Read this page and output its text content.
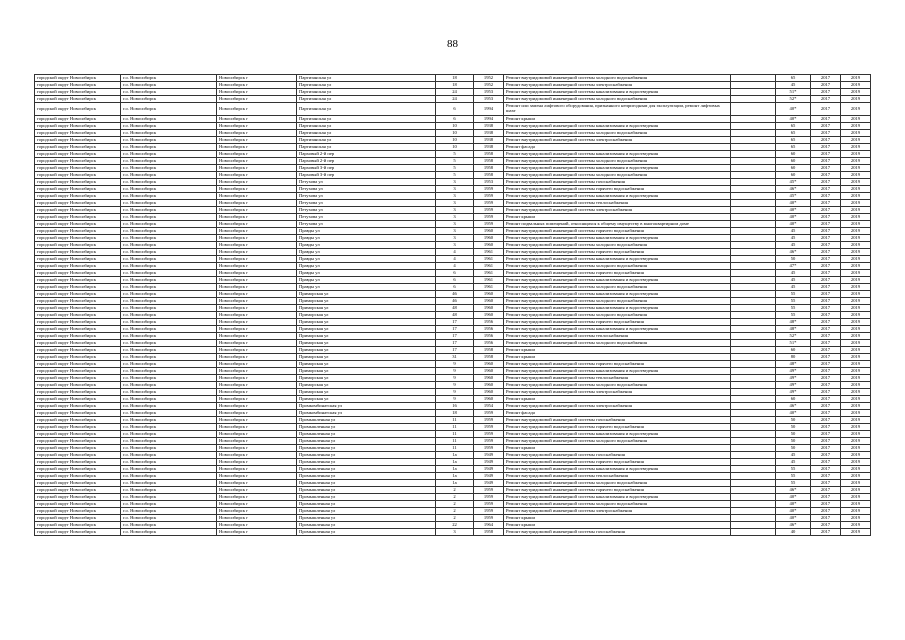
88
городской округ Новосибирск	г.о. Новосибирск	Новосибирск г	Партизанская ул	18	1952	Ремонт внутридомовой инженерной системы холодного водоснабжения		65	2017	2019
городской округ Новосибирск	г.о. Новосибирск	Новосибирск г	Партизанская ул	18	1952	Ремонт внутридомовой инженерной системы электроснабжения		45	2017	2019
городской округ Новосибирск	г.о. Новосибирск	Новосибирск г	Партизанская ул	24	1953	Ремонт внутридомовой инженерной системы канализования и водоотведения		51*	2017	2019
городской округ Новосибирск	г.о. Новосибирск	Новосибирск г	Партизанская ул	24	1953	Ремонт внутридомовой инженерной системы холодного водоснабжения		52*	2017	2019
городской округ Новосибирск	г.о. Новосибирск	Новосибирск г	Партизанская ул	6	1994	Ремонт или замена лифтового оборудования, признанного непригодным для эксплуатации, ремонт лифтовых шахт		40*	2017	2019
городской округ Новосибирск	г.о. Новосибирск	Новосибирск г	Партизанская ул	6	1994	Ремонт крыши		40*	2017	2019
городской округ Новосибирск	г.о. Новосибирск	Новосибирск г	Партизанская ул	10	1938	Ремонт внутридомовой инженерной системы канализования и водоотведения		65	2017	2019
городской округ Новосибирск	г.о. Новосибирск	Новосибирск г	Партизанская ул	10	1938	Ремонт внутридомовой инженерной системы холодного водоснабжения		65	2017	2019
городской округ Новосибирск	г.о. Новосибирск	Новосибирск г	Партизанская ул	10	1938	Ремонт внутридомовой инженерной системы электроснабжения		65	2017	2019
городской округ Новосибирск	г.о. Новосибирск	Новосибирск г	Партизанская ул	10	1938	Ремонт фасада		65	2017	2019
городской округ Новосибирск	г.о. Новосибирск	Новосибирск г	Парховый 2-й пер	5	1958	Ремонт внутридомовой инженерной системы канализования и водоотведения		60	2017	2019
городской округ Новосибирск	г.о. Новосибирск	Новосибирск г	Парховый 2-й пер	5	1958	Ремонт внутридомовой инженерной системы холодного водоснабжения		60	2017	2019
городской округ Новосибирск	г.о. Новосибирск	Новосибирск г	Парховый 3-й пер	5	1958	Ремонт внутридомовой инженерной системы канализования и водоотведения		60	2017	2019
городской округ Новосибирск	г.о. Новосибирск	Новосибирск г	Парховый 3-й пер	5	1958	Ремонт внутридомовой инженерной системы холодного водоснабжения		60	2017	2019
городской округ Новосибирск	г.о. Новосибирск	Новосибирск г	Петухова ул	3	1953	Ремонт внутридомовой инженерной системы газоснабжения		45*	2017	2019
городской округ Новосибирск	г.о. Новосибирск	Новосибирск г	Петухова ул	3	1959	Ремонт внутридомовой инженерной системы горячего водоснабжения		46*	2017	2019
городской округ Новосибирск	г.о. Новосибирск	Новосибирск г	Петухова ул	3	1959	Ремонт внутридомовой инженерной системы канализования и водоотведения		45*	2017	2019
городской округ Новосибирск	г.о. Новосибирск	Новосибирск г	Петухова ул	3	1959	Ремонт внутридомовой инженерной системы теплоснабжения		40*	2017	2019
городской округ Новосибирск	г.о. Новосибирск	Новосибирск г	Петухова ул	3	1959	Ремонт внутридомовой инженерной системы электроснабжения		40*	2017	2019
городской округ Новосибирск	г.о. Новосибирск	Новосибирск г	Петухова ул	3	1959	Ремонт крыши		40*	2017	2019
городской округ Новосибирск	г.о. Новосибирск	Новосибирск г	Петухова ул	3	1959	Ремонт подвальных помещений, относящихся к общему имуществу в многоквартирном доме		40*	2017	2019
городской округ Новосибирск	г.о. Новосибирск	Новосибирск г	Правды ул	3	1960	Ремонт внутридомовой инженерной системы горячего водоснабжения		45	2017	2019
городской округ Новосибирск	г.о. Новосибирск	Новосибирск г	Правды ул	3	1960	Ремонт внутридомовой инженерной системы канализования и водоотведения		45	2017	2019
городской округ Новосибирск	г.о. Новосибирск	Новосибирск г	Правды ул	3	1960	Ремонт внутридомовой инженерной системы холодного водоснабжения		45	2017	2019
городской округ Новосибирск	г.о. Новосибирск	Новосибирск г	Правды ул	4	1961	Ремонт внутридомовой инженерной системы горячего водоснабжения		46*	2017	2019
городской округ Новосибирск	г.о. Новосибирск	Новосибирск г	Правды ул	4	1961	Ремонт внутридомовой инженерной системы канализования и водоотведения		50	2017	2019
городской округ Новосибирск	г.о. Новосибирск	Новосибирск г	Правды ул	4	1961	Ремонт внутридомовой инженерной системы холодного водоснабжения		47*	2017	2019
городской округ Новосибирск	г.о. Новосибирск	Новосибирск г	Правды ул	6	1961	Ремонт внутридомовой инженерной системы горячего водоснабжения		45	2017	2019
городской округ Новосибирск	г.о. Новосибирск	Новосибирск г	Правды ул	6	1961	Ремонт внутридомовой инженерной системы канализования и водоотведения		45	2017	2019
городской округ Новосибирск	г.о. Новосибирск	Новосибирск г	Правды ул	6	1961	Ремонт внутридомовой инженерной системы холодного водоснабжения		45	2017	2019
городской округ Новосибирск	г.о. Новосибирск	Новосибирск г	Приморская ул	46	1960	Ремонт внутридомовой инженерной системы канализования и водоотведения		55	2017	2019
городской округ Новосибирск	г.о. Новосибирск	Новосибирск г	Приморская ул	46	1960	Ремонт внутридомовой инженерной системы холодного водоснабжения		55	2017	2019
городской округ Новосибирск	г.о. Новосибирск	Новосибирск г	Приморская ул	48	1960	Ремонт внутридомовой инженерной системы канализования и водоотведения		55	2017	2019
городской округ Новосибирск	г.о. Новосибирск	Новосибирск г	Приморская ул	48	1960	Ремонт внутридомовой инженерной системы холодного водоснабжения		55	2017	2019
городской округ Новосибирск	г.о. Новосибирск	Новосибирск г	Приморская ул	17	1956	Ремонт внутридомовой инженерной системы горячего водоснабжения		48*	2017	2019
городской округ Новосибирск	г.о. Новосибирск	Новосибирск г	Приморская ул	17	1956	Ремонт внутридомовой инженерной системы канализования и водоотведения		48*	2017	2019
городской округ Новосибирск	г.о. Новосибирск	Новосибирск г	Приморская ул	17	1956	Ремонт внутридомовой инженерной системы теплоснабжения		52*	2017	2019
городской округ Новосибирск	г.о. Новосибирск	Новосибирск г	Приморская ул	17	1956	Ремонт внутридомовой инженерной системы холодного водоснабжения		51*	2017	2019
городской округ Новосибирск	г.о. Новосибирск	Новосибирск г	Приморская ул	17	1958	Ремонт крыши		60	2017	2019
городской округ Новосибирск	г.о. Новосибирск	Новосибирск г	Приморская ул	31	1958	Ремонт крыши		80	2017	2019
городской округ Новосибирск	г.о. Новосибирск	Новосибирск г	Приморская ул	9	1960	Ремонт внутридомовой инженерной системы горячего водоснабжения		48*	2017	2019
городской округ Новосибирск	г.о. Новосибирск	Новосибирск г	Приморская ул	9	1960	Ремонт внутридомовой инженерной системы канализования и водоотведения		49*	2017	2019
городской округ Новосибирск	г.о. Новосибирск	Новосибирск г	Приморская ул	9	1960	Ремонт внутридомовой инженерной системы теплоснабжения		49*	2017	2019
городской округ Новосибирск	г.о. Новосибирск	Новосибирск г	Приморская ул	9	1960	Ремонт внутридомовой инженерной системы холодного водоснабжения		49*	2017	2019
городской округ Новосибирск	г.о. Новосибирск	Новосибирск г	Приморская ул	9	1960	Ремонт внутридомовой инженерной системы электроснабжения		49*	2017	2019
городской округ Новосибирск	г.о. Новосибирск	Новосибирск г	Приморская ул	9	1960	Ремонт крыши		60	2017	2019
городской округ Новосибирск	г.о. Новосибирск	Новосибирск г	Промкомбинатская ул	16	1954	Ремонт внутридомовой инженерной системы электроснабжения		46*	2017	2019
городской округ Новосибирск	г.о. Новосибирск	Новосибирск г	Промкомбинатская ул	18	1959	Ремонт фасада		40*	2017	2019
городской округ Новосибирск	г.о. Новосибирск	Новосибирск г	Промышленная ул	11	1959	Ремонт внутридомовой инженерной системы газоснабжения		50	2017	2019
городской округ Новосибирск	г.о. Новосибирск	Новосибирск г	Промышленная ул	11	1959	Ремонт внутридомовой инженерной системы горячего водоснабжения		50	2017	2019
городской округ Новосибирск	г.о. Новосибирск	Новосибирск г	Промышленная ул	11	1959	Ремонт внутридомовой инженерной системы канализования и водоотведения		50	2017	2019
городской округ Новосибирск	г.о. Новосибирск	Новосибирск г	Промышленная ул	11	1959	Ремонт внутридомовой инженерной системы холодного водоснабжения		50	2017	2019
городской округ Новосибирск	г.о. Новосибирск	Новосибирск г	Промышленная ул	11	1959	Ремонт крыши		50	2017	2019
городской округ Новосибирск	г.о. Новосибирск	Новосибирск г	Промышленная ул	1а	1949	Ремонт внутридомовой инженерной системы газоснабжения		45	2017	2019
городской округ Новосибирск	г.о. Новосибирск	Новосибирск г	Промышленная ул	1а	1949	Ремонт внутридомовой инженерной системы горячего водоснабжения		45	2017	2019
городской округ Новосибирск	г.о. Новосибирск	Новосибирск г	Промышленная ул	1а	1949	Ремонт внутридомовой инженерной системы канализования и водоотведения		55	2017	2019
городской округ Новосибирск	г.о. Новосибирск	Новосибирск г	Промышленная ул	1а	1949	Ремонт внутридомовой инженерной системы теплоснабжения		55	2017	2019
городской округ Новосибирск	г.о. Новосибирск	Новосибирск г	Промышленная ул	1а	1949	Ремонт внутридомовой инженерной системы холодного водоснабжения		55	2017	2019
городской округ Новосибирск	г.о. Новосибирск	Новосибирск г	Промышленная ул	2	1959	Ремонт внутридомовой инженерной системы горячего водоснабжения		46*	2017	2019
городской округ Новосибирск	г.о. Новосибирск	Новосибирск г	Промышленная ул	2	1959	Ремонт внутридомовой инженерной системы канализования и водоотведения		40*	2017	2019
городской округ Новосибирск	г.о. Новосибирск	Новосибирск г	Промышленная ул	2	1959	Ремонт внутридомовой инженерной системы холодного водоснабжения		40*	2017	2019
городской округ Новосибирск	г.о. Новосибирск	Новосибирск г	Промышленная ул	2	1959	Ремонт внутридомовой инженерной системы электроснабжения		40*	2017	2019
городской округ Новосибирск	г.о. Новосибирск	Новосибирск г	Промышленная ул	2	1959	Ремонт крыши		40*	2017	2019
городской округ Новосибирск	г.о. Новосибирск	Новосибирск г	Промышленная ул	22	1964	Ремонт крыши		46*	2017	2019
городской округ Новосибирск	г.о. Новосибирск	Новосибирск г	Промышленная ул	3	1958	Ремонт внутридомовой инженерной системы газоснабжения		40	2017	2019
